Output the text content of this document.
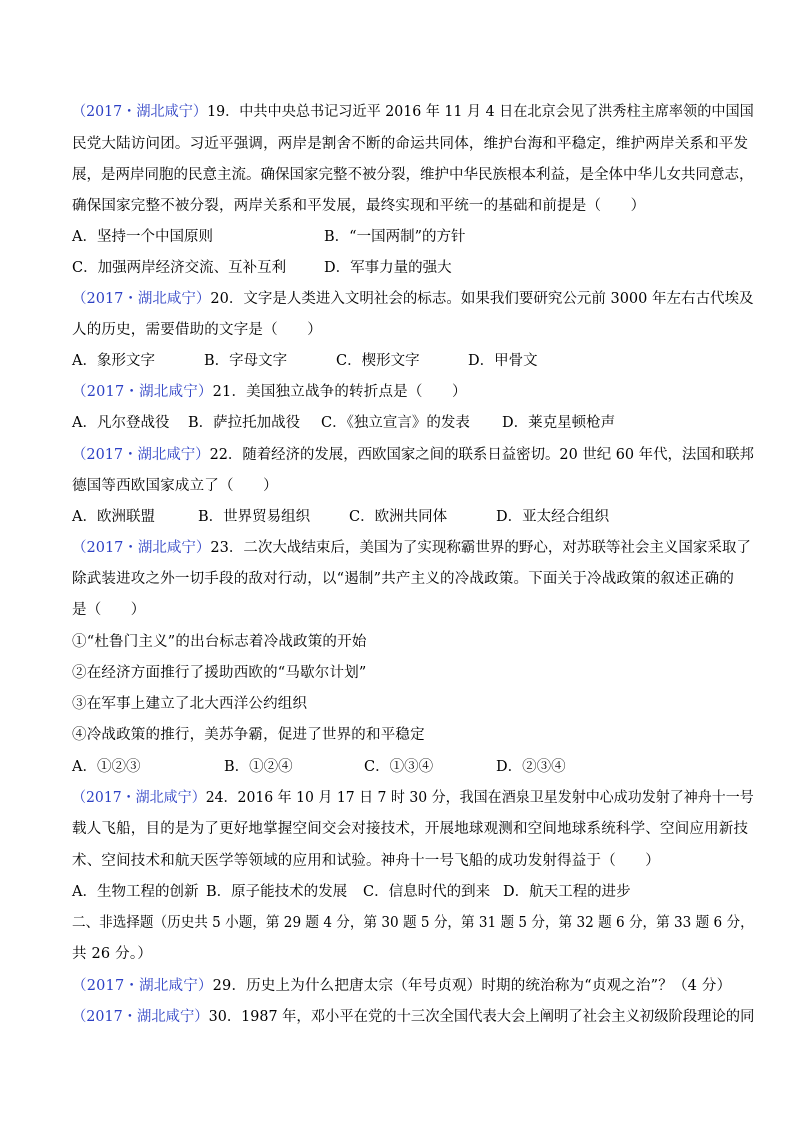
（2017・湖北咸宁）19．中共中央总书记习近平 2016 年 11 月 4 日在北京会见了洪秀柱主席率领的中国国
民党大陆访问团。习近平强调，两岸是割舍不断的命运共同体，维护台海和平稳定，维护两岸关系和平发
展，是两岸同胞的民意主流。确保国家完整不被分裂，维护中华民族根本利益，是全体中华儿女共同意志，
确保国家完整不被分裂，两岸关系和平发展，最终实现和平统一的基础和前提是（　　）
A．坚持一个中国原则	B．“一国两制”的方针
C．加强两岸经济交流、互补互利	D．军事力量的强大
（2017・湖北咸宁）20．文字是人类进入文明社会的标志。如果我们要研究公元前 3000 年左右古代埃及
人的历史，需要借助的文字是（　　）
A．象形文字	B．字母文字	C．楔形文字	D．甲骨文
（2017・湖北咸宁）21．美国独立战争的转折点是（　　）
A．凡尔登战役 B．萨拉托加战役 C．《独立宣言》的发表 D．莱克星顿枪声
（2017・湖北咸宁）22．随着经济的发展，西欧国家之间的联系日益密切。20 世纪 60 年代，法国和联邦
德国等西欧国家成立了（　　）
A．欧洲联盟	B．世界贸易组织	C．欧洲共同体	D．亚太经合组织
（2017・湖北咸宁）23．二次大战结束后，美国为了实现称霸世界的野心，对苏联等社会主义国家采取了
除武装进攻之外一切手段的敌对行动，以“遏制”共产主义的冷战政策。下面关于冷战政策的叙述正确的
是（　　）
①“杜鲁门主义”的出台标志着冷战政策的开始
②在经济方面推行了援助西欧的“马歇尔计划”
③在军事上建立了北大西洋公约组织
④冷战政策的推行，美苏争霸，促进了世界的和平稳定
A．①②③	B．①②④	C．①③④	D．②③④
（2017・湖北咸宁）24．2016 年 10 月 17 日 7 时 30 分，我国在酒泉卫星发射中心成功发射了神舟十一号
载人飞船，目的是为了更好地掌握空间交会对接技术，开展地球观测和空间地球系统科学、空间应用新技
术、空间技术和航天医学等领域的应用和试验。神舟十一号飞船的成功发射得益于（　　）
A．生物工程的创新 B．原子能技术的发展 C．信息时代的到来 D．航天工程的进步
二、非选择题（历史共 5 小题，第 29 题 4 分，第 30 题 5 分，第 31 题 5 分，第 32 题 6 分，第 33 题 6 分，
共 26 分。）
（2017・湖北咸宁）29．历史上为什么把唐太宗（年号贞观）时期的统治称为“贞观之治”？（4 分）
（2017・湖北咸宁）30．1987 年，邓小平在党的十三次全国代表大会上阐明了社会主义初级阶段理论的同
